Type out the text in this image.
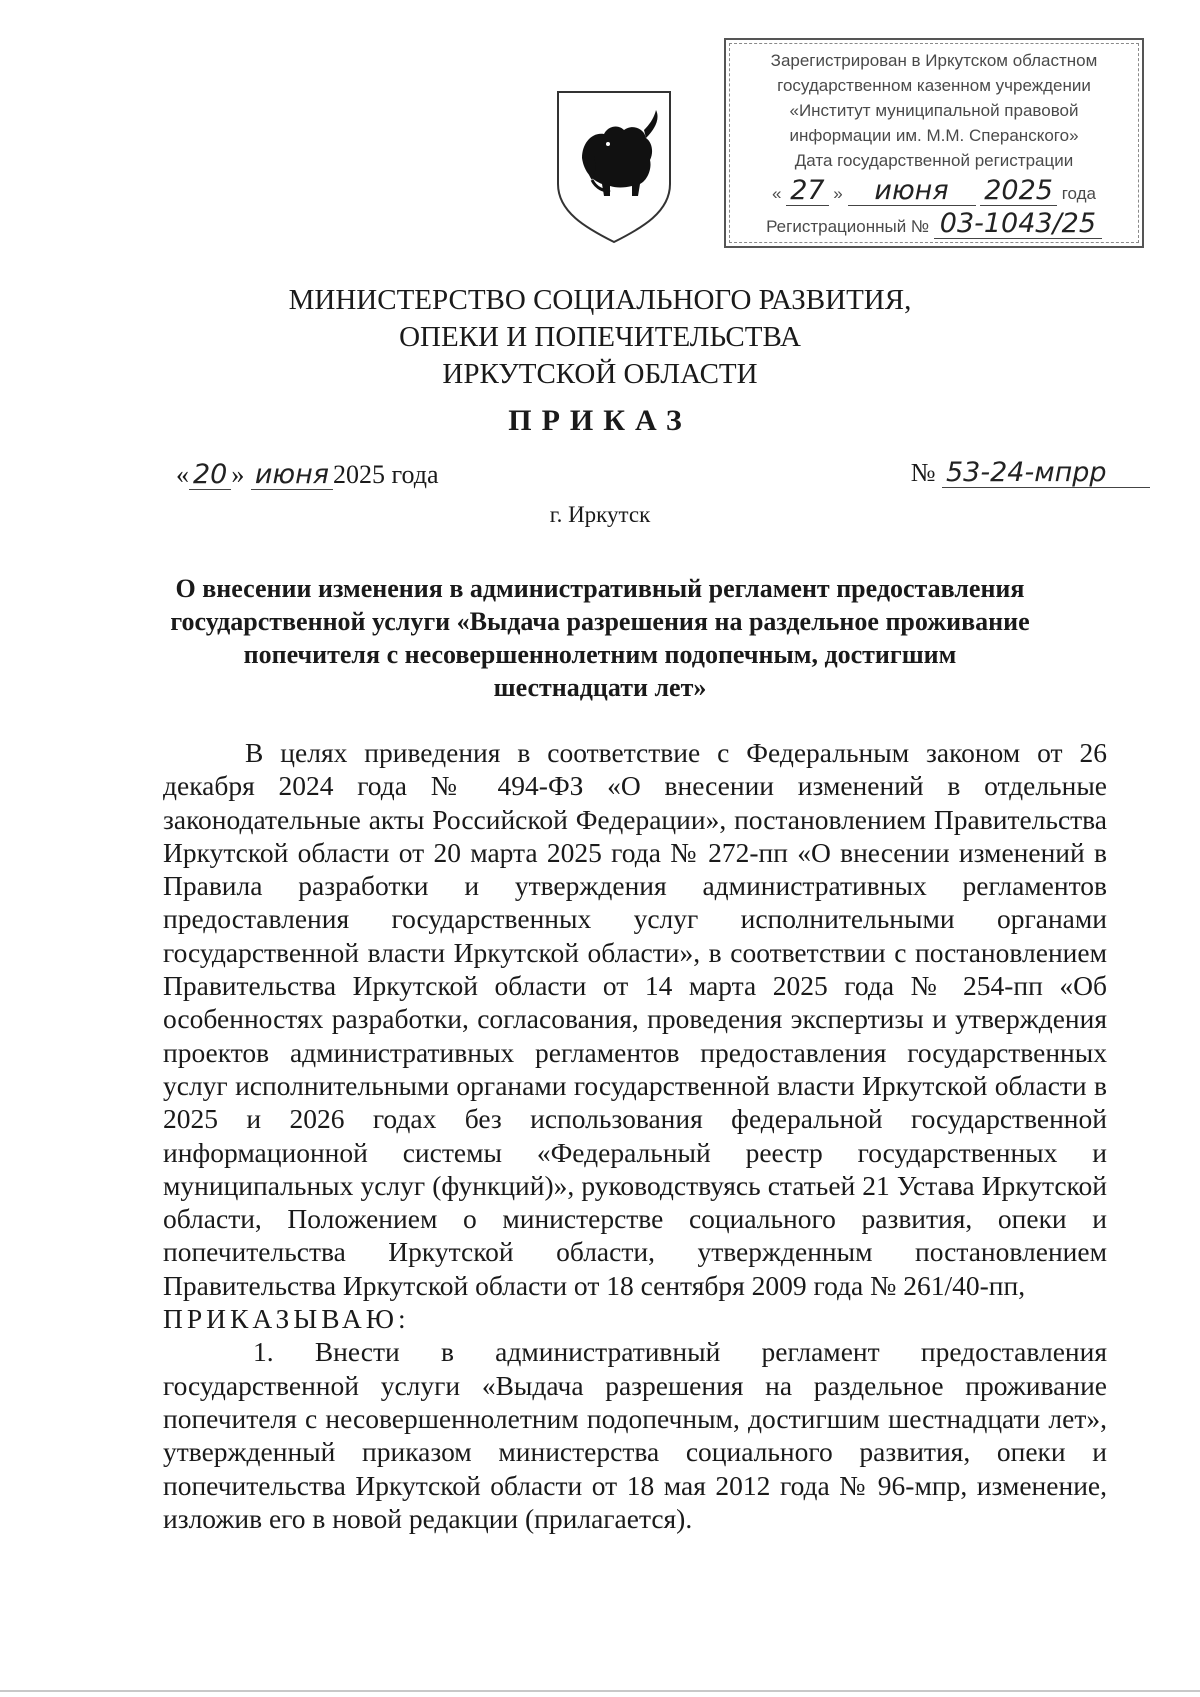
Зарегистрирован в Иркутском областном
государственном казенном учреждении
«Институт муниципальной правовой
информации им. М.М. Сперанского»
Дата государственной регистрации
« 27 » июня 2025 года
Регистрационный № 03-1043/25
МИНИСТЕРСТВО СОЦИАЛЬНОГО РАЗВИТИЯ,
ОПЕКИ И ПОПЕЧИТЕЛЬСТВА
ИРКУТСКОЙ ОБЛАСТИ
ПРИКАЗ
« 20 » июня 2025 года	№ 53-24-мпрр
г. Иркутск
О внесении изменения в административный регламент предоставления государственной услуги «Выдача разрешения на раздельное проживание попечителя с несовершеннолетним подопечным, достигшим шестнадцати лет»

В целях приведения в соответствие с Федеральным законом от 26 декабря 2024 года № 494-ФЗ «О внесении изменений в отдельные законодательные акты Российской Федерации», постановлением Правительства Иркутской области от 20 марта 2025 года № 272-пп «О внесении изменений в Правила разработки и утверждения административных регламентов предоставления государственных услуг исполнительными органами государственной власти Иркутской области», в соответствии с постановлением Правительства Иркутской области от 14 марта 2025 года № 254-пп «Об особенностях разработки, согласования, проведения экспертизы и утверждения проектов административных регламентов предоставления государственных услуг исполнительными органами государственной власти Иркутской области в 2025 и 2026 годах без использования федеральной государственной информационной системы «Федеральный реестр государственных и муниципальных услуг (функций)», руководствуясь статьей 21 Устава Иркутской области, Положением о министерстве социального развития, опеки и попечительства Иркутской области, утвержденным постановлением Правительства Иркутской области от 18 сентября 2009 года № 261/40-пп,

ПРИКАЗЫВАЮ:

1. Внести в административный регламент предоставления государственной услуги «Выдача разрешения на раздельное проживание попечителя с несовершеннолетним подопечным, достигшим шестнадцати лет», утвержденный приказом министерства социального развития, опеки и попечительства Иркутской области от 18 мая 2012 года № 96-мпр, изменение, изложив его в новой редакции (прилагается).
